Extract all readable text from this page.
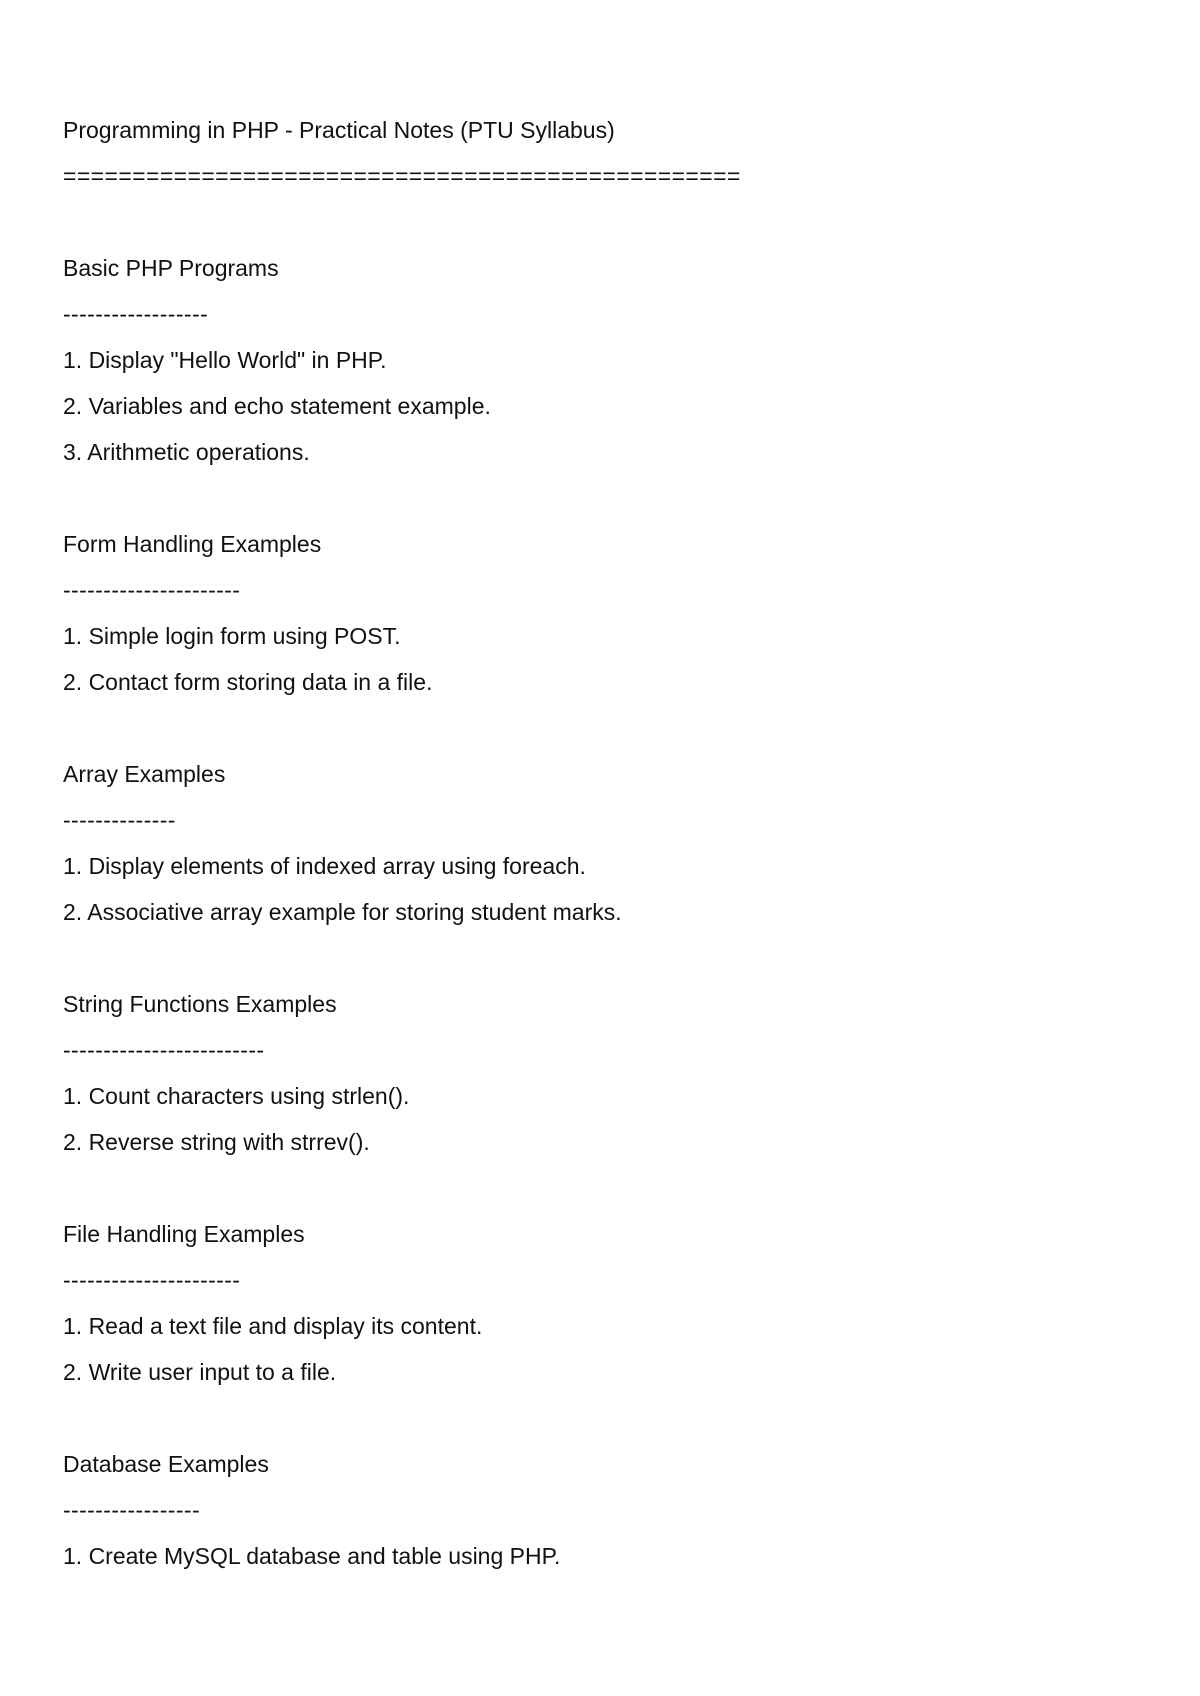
Programming in PHP - Practical Notes (PTU Syllabus)
=================================================
Basic PHP Programs
------------------
1. Display "Hello World" in PHP.
2. Variables and echo statement example.
3. Arithmetic operations.
Form Handling Examples
----------------------
1. Simple login form using POST.
2. Contact form storing data in a file.
Array Examples
--------------
1. Display elements of indexed array using foreach.
2. Associative array example for storing student marks.
String Functions Examples
-------------------------
1. Count characters using strlen().
2. Reverse string with strrev().
File Handling Examples
----------------------
1. Read a text file and display its content.
2. Write user input to a file.
Database Examples
-----------------
1. Create MySQL database and table using PHP.
